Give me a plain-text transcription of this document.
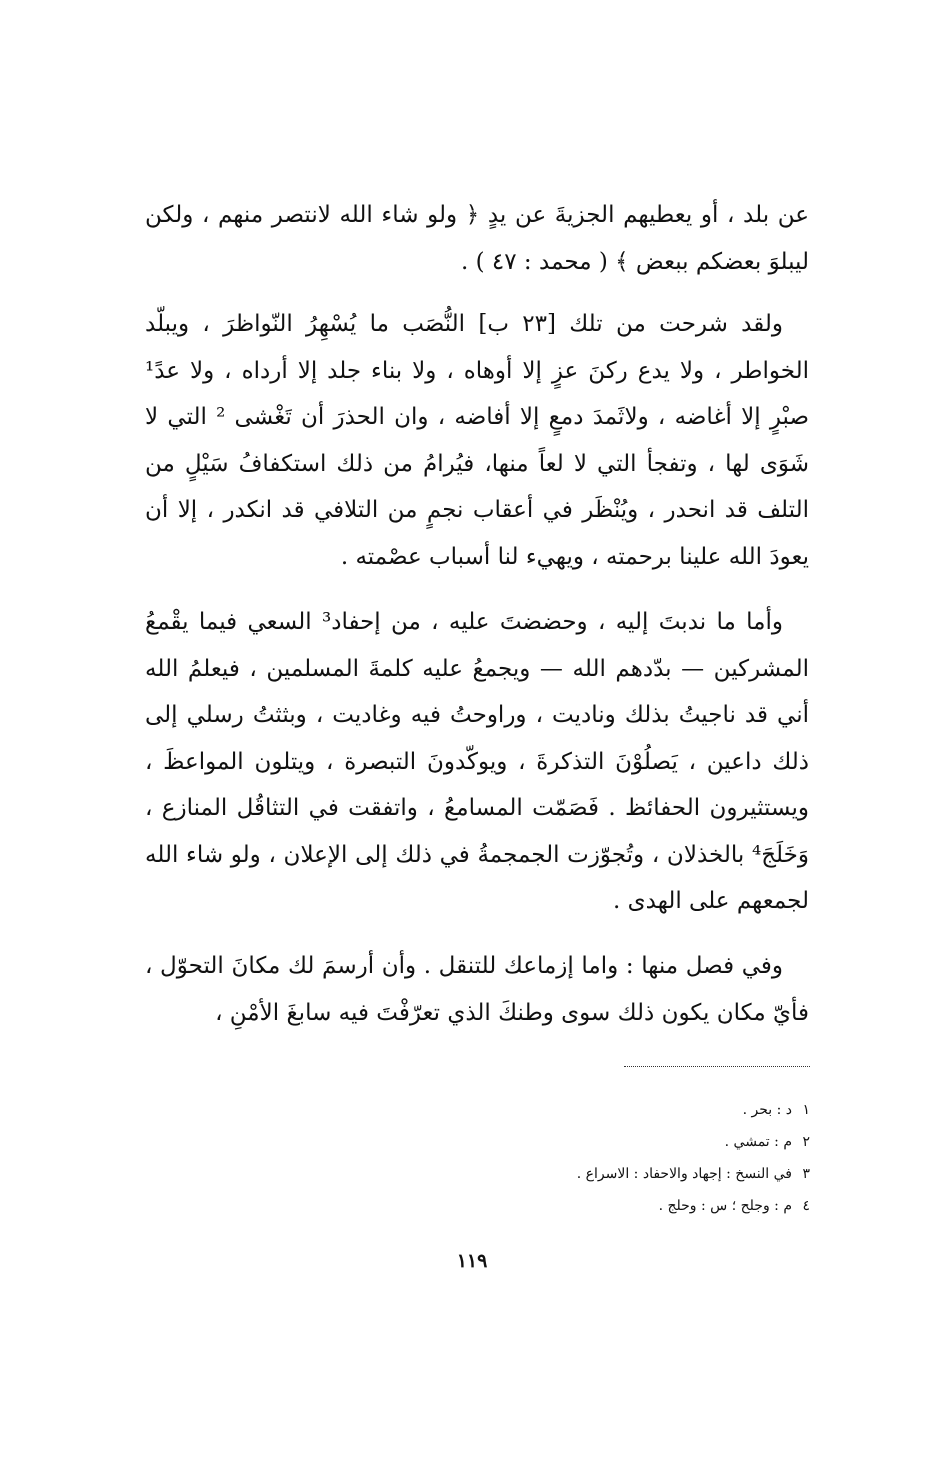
عن بلد ، أو يعطيهم الجزيةَ عن يدٍ ﴿ ولو شاء الله لانتصر منهم ، ولكن ليبلوَ بعضكم ببعض ﴾ ( محمد : ٤٧ ) .

ولقد شرحت من تلك [٢٣ ب] النُّصَب ما يُسْهِرُ النّواظرَ ، ويبلّد الخواطر ، ولا يدع ركنَ عزٍ إلا أوهاه ، ولا بناء جلد إلا أرداه ، ولا عدً¹ صبْرٍ إلا أغاضه ، ولاثَمدَ دمعٍ إلا أفاضه ، وان الحذرَ أن تَغْشى ² التي لا شَوَى لها ، وتفجأ التي لا لعاً منها، فيُرامُ من ذلك استكفافُ سَيْلٍ من التلف قد انحدر ، ويُنْظَر في أعقاب نجمٍ من التلافي قد انكدر ، إلا أن يعودَ الله علينا برحمته ، ويهيء لنا أسباب عصْمته .

وأما ما ندبتَ إليه ، وحضضتَ عليه ، من إحفاد³ السعي فيما يقْمعُ المشركين — بدّدهم الله — ويجمعُ عليه كلمةَ المسلمين ، فيعلمُ الله أني قد ناجيتُ بذلك وناديت ، وراوحتُ فيه وغاديت ، وبثثتُ رسلي إلى ذلك داعين ، يَصلُوْنَ التذكرةَ ، ويوكّدونَ التبصرة ، ويتلون المواعظَ ، ويستثيرون الحفائظ . فَصَمّت المسامعُ ، واتفقت في التثاقُل المنازع ، وَخَلَجَ⁴ بالخذلان ، وتُجوّزت الجمجمةُ في ذلك إلى الإعلان ، ولو شاء الله لجمعهم على الهدى .

وفي فصل منها : واما إزماعك للتنقل . وأن أرسمَ لك مكانَ التحوّل ، فأيّ مكان يكون ذلك سوى وطنكَ الذي تعرّفْتَ فيه سابغَ الأمْنِ ،

١د : بحر .
٢م : تمشي .
٣في النسخ : إجهاد والاحفاد : الاسراع .
٤م : وجلح ؛ س : وحلج .
١١٩
